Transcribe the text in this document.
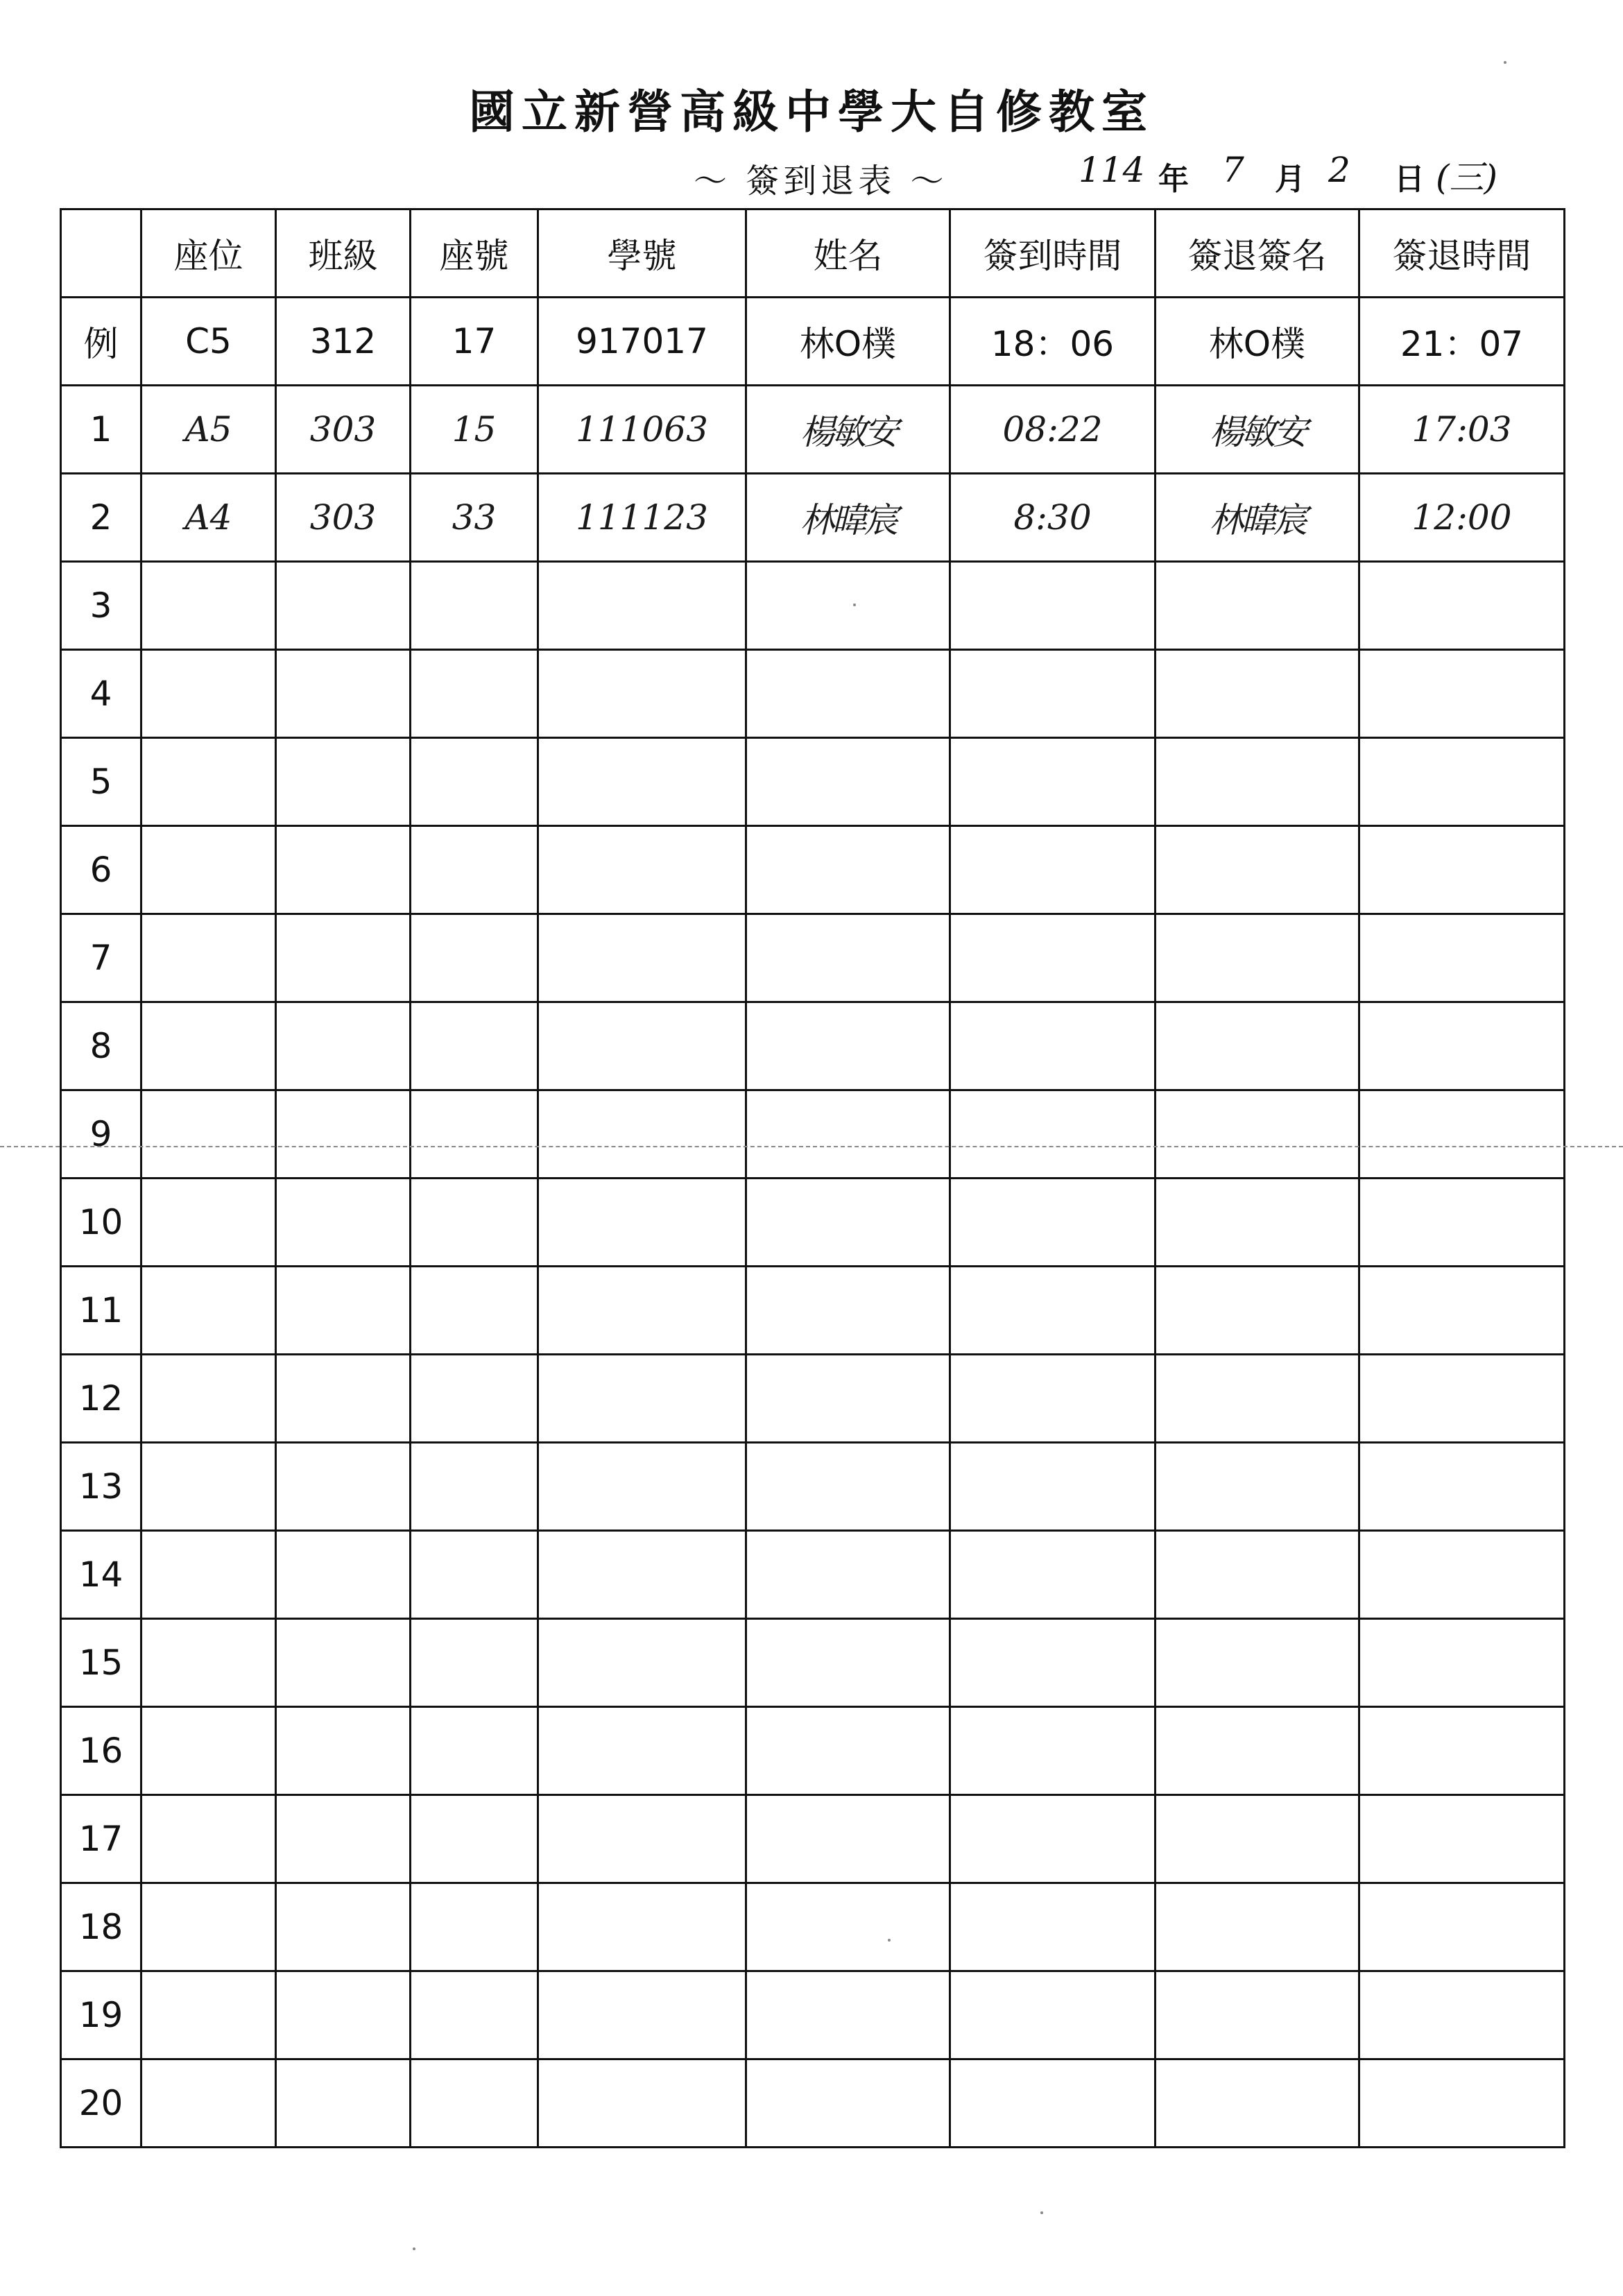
國立新營高級中學大自修教室
～ 簽到退表 ～	114 年 7 月 2 日 (三)
	座位	班級	座號	學號	姓名	簽到時間	簽退簽名	簽退時間
例	C5	312	17	917017	林O樸	18：06	林O樸	21：07
1	A5	303	15	111063	楊敏安	08:22	楊敏安	17:03
2	A4	303	33	111123	林暐宸	8:30	林暐宸	12:00
3								
4								
5								
6								
7								
8								
9								
10								
11								
12								
13								
14								
15								
16								
17								
18								
19								
20								
